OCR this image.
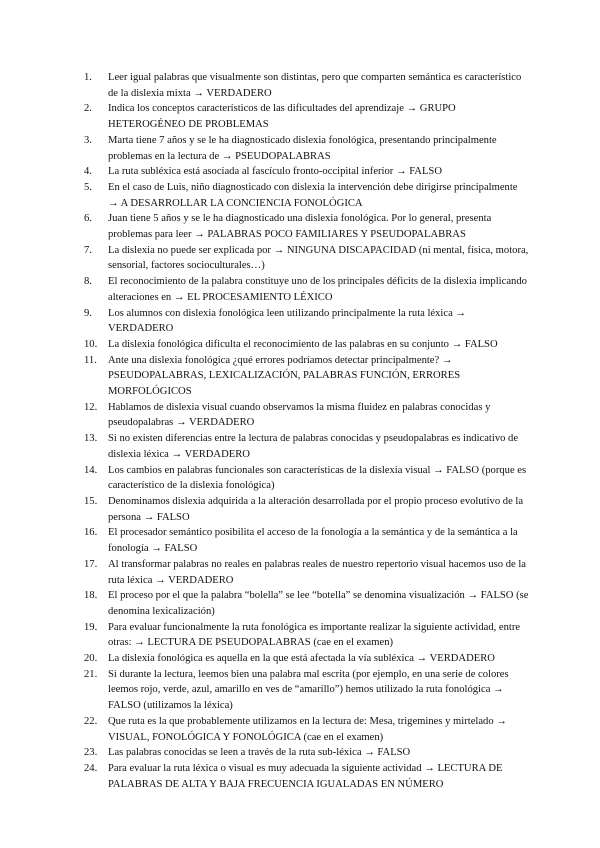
1.	Leer igual palabras que visualmente son distintas, pero que comparten semántica es característico de la dislexia mixta → VERDADERO
2.	Indica los conceptos característicos de las dificultades del aprendizaje → GRUPO HETEROGÉNEO DE PROBLEMAS
3.	Marta tiene 7 años y se le ha diagnosticado dislexia fonológica, presentando principalmente problemas en la lectura de → PSEUDOPALABRAS
4.	La ruta subléxica está asociada al fascículo fronto-occipital inferior → FALSO
5.	En el caso de Luis, niño diagnosticado con dislexia la intervención debe dirigirse principalmente → A DESARROLLAR LA CONCIENCIA FONOLÓGICA
6.	Juan tiene 5 años y se le ha diagnosticado una dislexia fonológica. Por lo general, presenta problemas para leer → PALABRAS POCO FAMILIARES Y PSEUDOPALABRAS
7.	La dislexia no puede ser explicada por → NINGUNA DISCAPACIDAD (ni mental, física, motora, sensorial, factores socioculturales…)
8.	El reconocimiento de la palabra constituye uno de los principales déficits de la dislexia implicando alteraciones en → EL PROCESAMIENTO LÉXICO
9.	Los alumnos con dislexia fonológica leen utilizando principalmente la ruta léxica → VERDADERO
10.	La dislexia fonológica dificulta el reconocimiento de las palabras en su conjunto → FALSO
11.	Ante una dislexia fonológica ¿qué errores podríamos detectar principalmente? → PSEUDOPALABRAS, LEXICALIZACIÓN, PALABRAS FUNCIÓN, ERRORES MORFOLÓGICOS
12.	Hablamos de dislexia visual cuando observamos la misma fluidez en palabras conocidas y pseudopalabras → VERDADERO
13.	Si no existen diferencias entre la lectura de palabras conocidas y pseudopalabras es indicativo de dislexia léxica → VERDADERO
14.	Los cambios en palabras funcionales son características de la dislexia visual → FALSO (porque es característico de la dislexia fonológica)
15.	Denominamos dislexia adquirida a la alteración desarrollada por el propio proceso evolutivo de la persona → FALSO
16.	El procesador semántico posibilita el acceso de la fonología a la semántica y de la semántica a la fonología → FALSO
17.	Al transformar palabras no reales en palabras reales de nuestro repertorio visual hacemos uso de la ruta léxica → VERDADERO
18.	El proceso por el que la palabra “bolella” se lee “botella” se denomina visualización → FALSO (se denomina lexicalización)
19.	Para evaluar funcionalmente la ruta fonológica es importante realizar la siguiente actividad, entre otras: → LECTURA DE PSEUDOPALABRAS (cae en el examen)
20.	La dislexia fonológica es aquella en la que está afectada la vía subléxica → VERDADERO
21.	Si durante la lectura, leemos bien una palabra mal escrita (por ejemplo, en una serie de colores leemos rojo, verde, azul, amarillo en ves de “amarillo”) hemos utilizado la ruta fonológica → FALSO (utilizamos la léxica)
22.	Que ruta es la que probablemente utilizamos en la lectura de: Mesa, trigemines y mirtelado → VISUAL, FONOLÓGICA Y FONOLÓGICA (cae en el examen)
23.	Las palabras conocidas se leen a través de la ruta sub-léxica → FALSO
24.	Para evaluar la ruta léxica o visual es muy adecuada la siguiente actividad → LECTURA DE PALABRAS DE ALTA Y BAJA FRECUENCIA IGUALADAS EN NÚMERO
